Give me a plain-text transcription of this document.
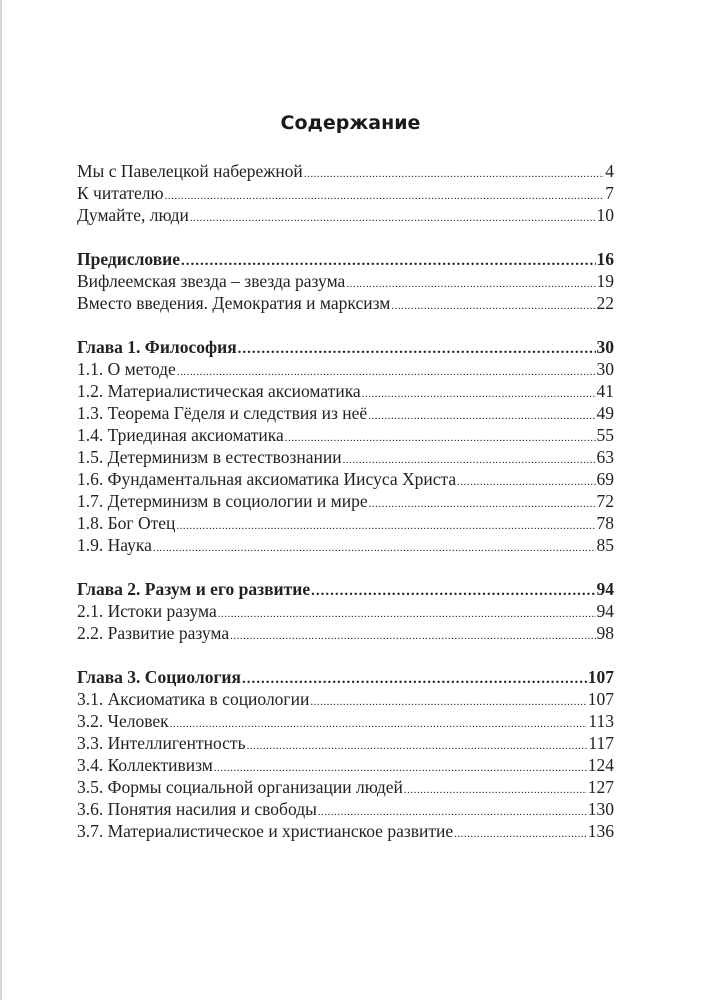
Содержание
Мы с Павелецкой набережной .....	4
К читателю .....	7
Думайте, люди .....	10
Предисловие .....	16
Вифлеемская звезда – звезда разума .....	19
Вместо введения. Демократия и марксизм .....	22
Глава 1. Философия .....	30
1.1. О методе .....	30
1.2. Материалистическая аксиоматика .....	41
1.3. Теорема Гёделя и следствия из неё .....	49
1.4. Триединая аксиоматика .....	55
1.5. Детерминизм в естествознании .....	63
1.6. Фундаментальная аксиоматика Иисуса Христа .....	69
1.7. Детерминизм в социологии и мире .....	72
1.8. Бог Отец .....	78
1.9. Наука .....	85
Глава 2. Разум и его развитие .....	94
2.1. Истоки разума .....	94
2.2. Развитие разума .....	98
Глава 3. Социология .....	107
3.1. Аксиоматика в социологии .....	107
3.2. Человек .....	113
3.3. Интеллигентность .....	117
3.4. Коллективизм .....	124
3.5. Формы социальной организации людей .....	127
3.6. Понятия насилия и свободы .....	130
3.7. Материалистическое и христианское развитие .....	136
